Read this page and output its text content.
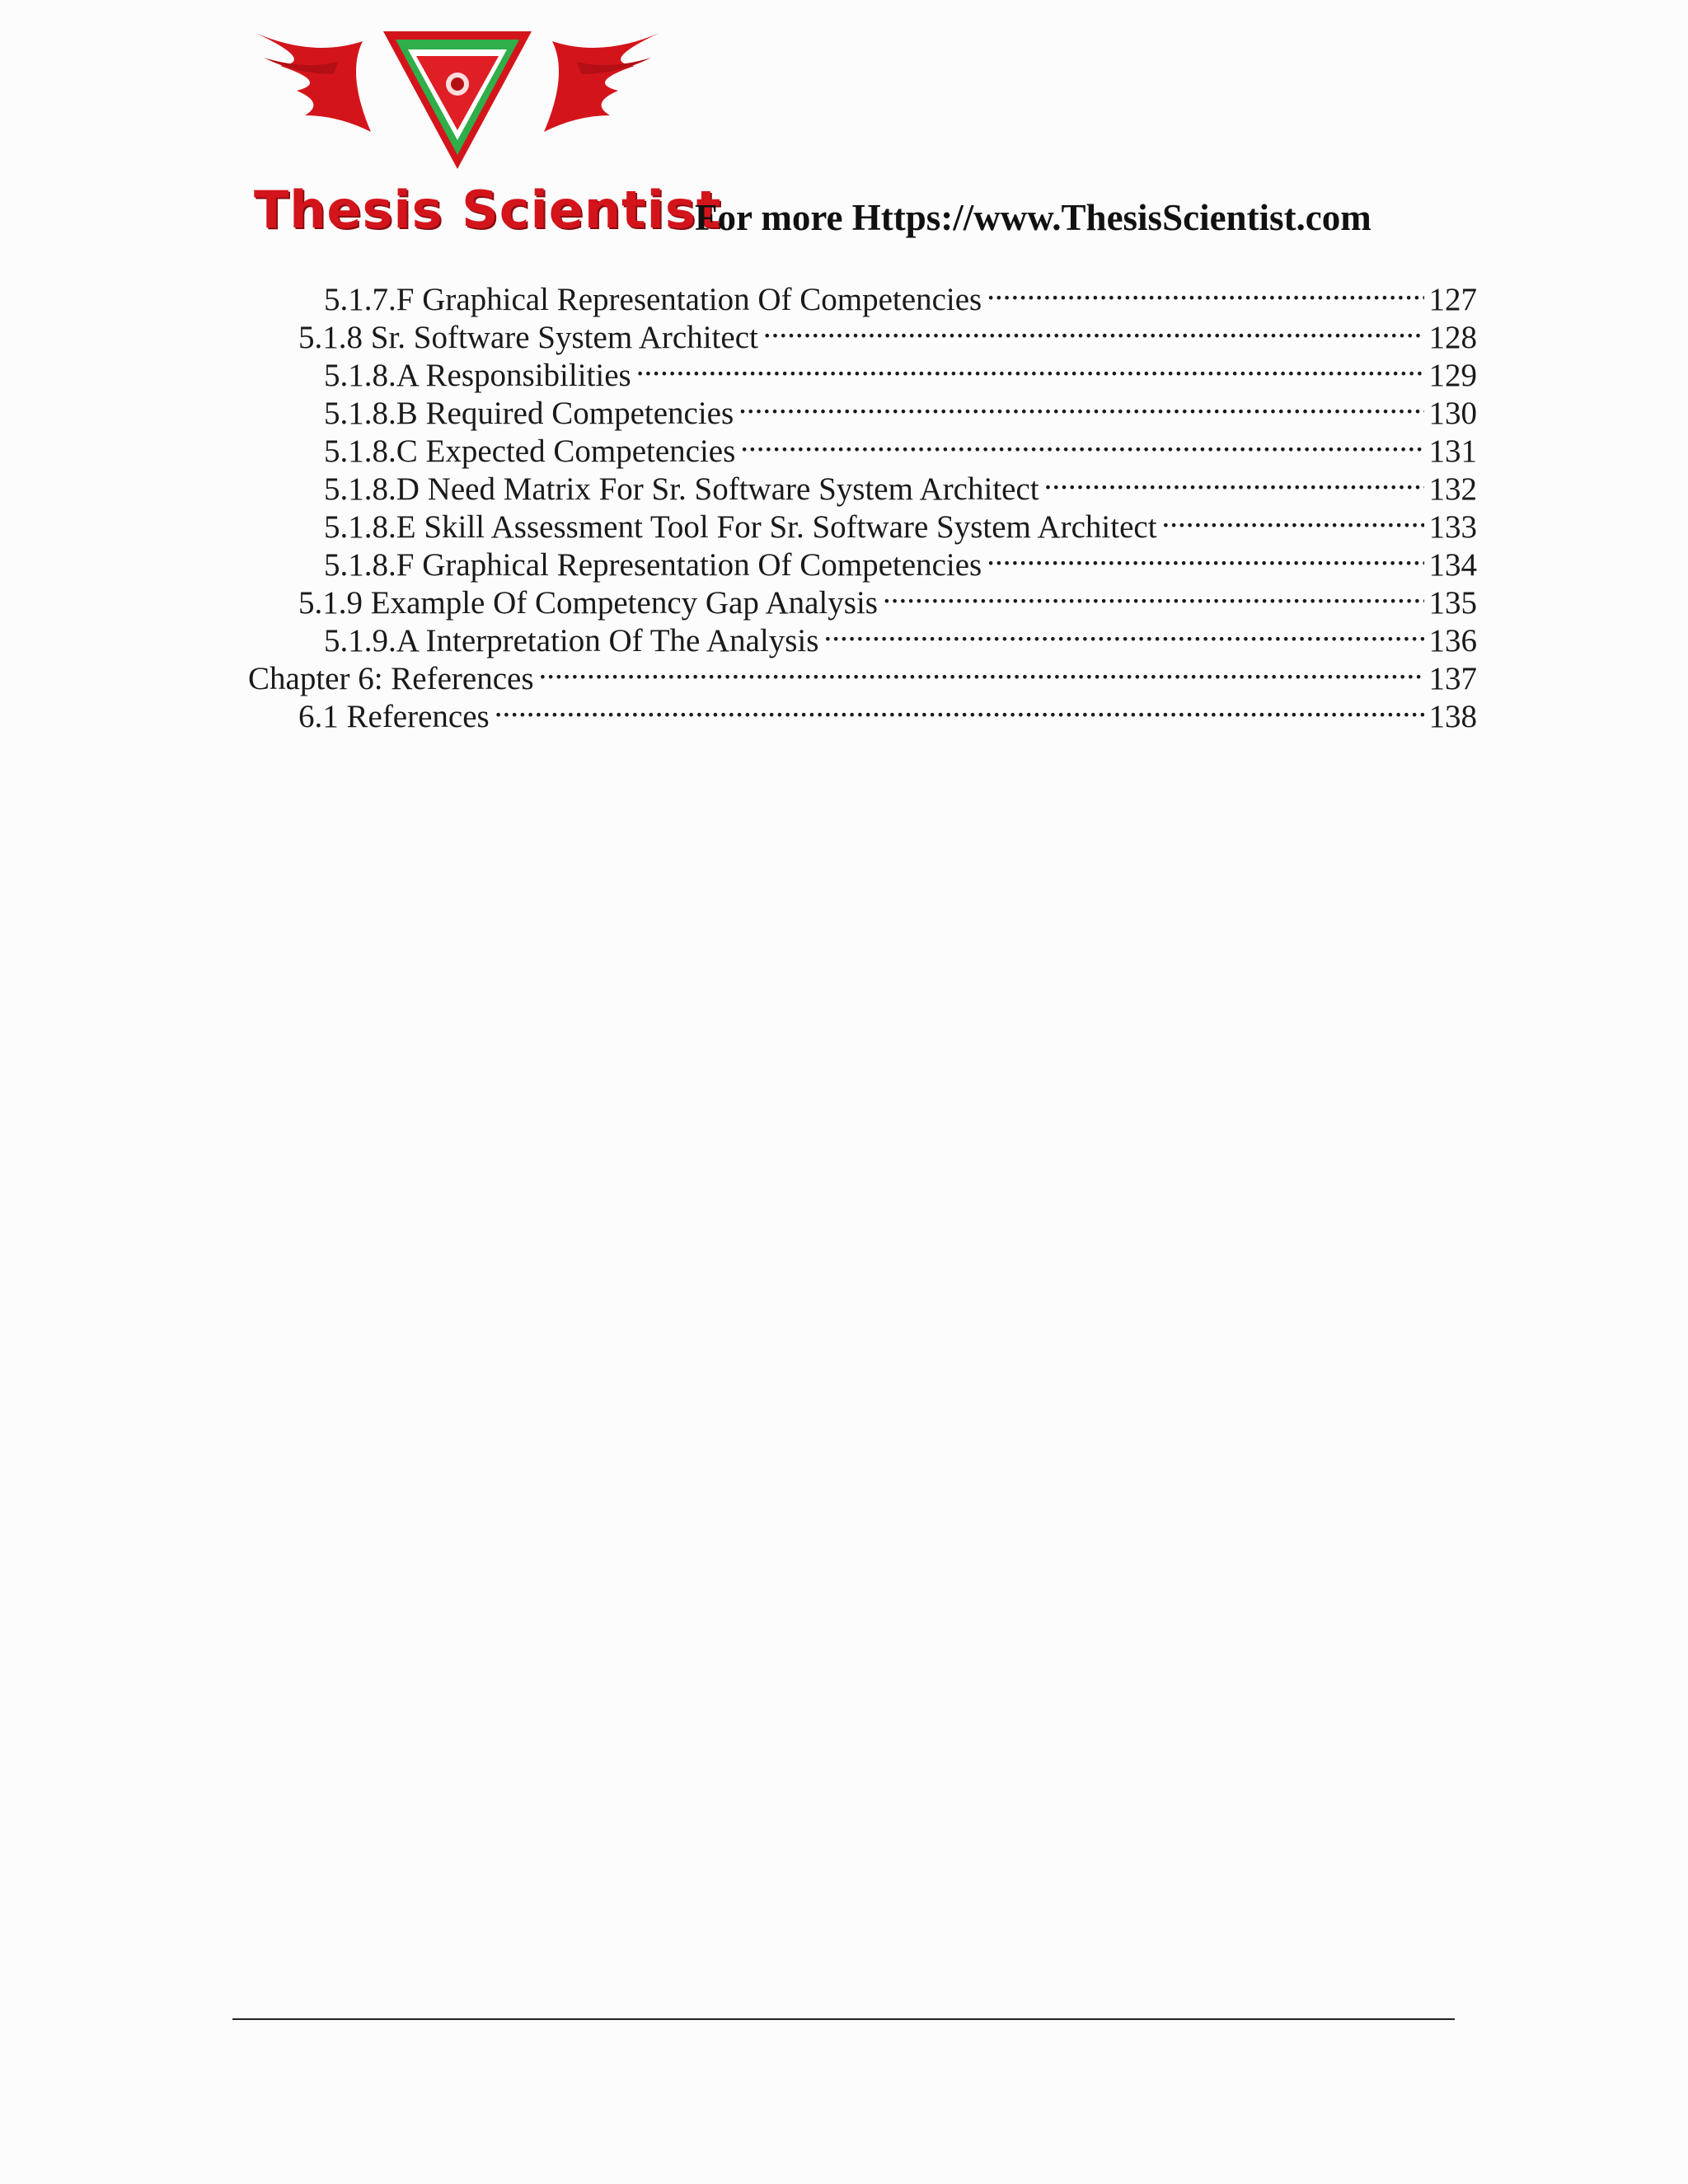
Thesis Scientist
For more Https://www.ThesisScientist.com
5.1.7.F Graphical Representation Of Competencies .....	127
5.1.8 Sr. Software System Architect .....	128
5.1.8.A Responsibilities .....	129
5.1.8.B Required Competencies .....	130
5.1.8.C Expected Competencies .....	131
5.1.8.D Need Matrix For Sr. Software System Architect .....	132
5.1.8.E Skill Assessment Tool For Sr. Software System Architect .....	133
5.1.8.F Graphical Representation Of Competencies .....	134
5.1.9 Example Of Competency Gap Analysis .....	135
5.1.9.A Interpretation Of The Analysis .....	136
Chapter 6: References .....	137
6.1 References .....	138
